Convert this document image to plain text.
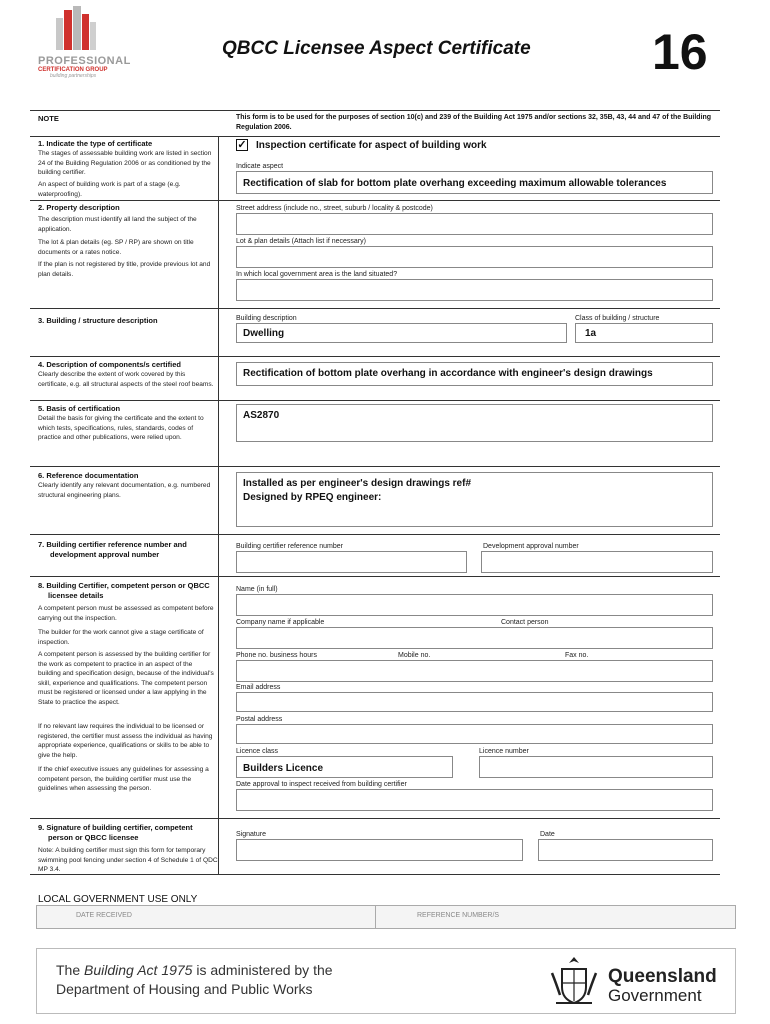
PROFESSIONAL
CERTIFICATION GROUP
building partnerships
QBCC Licensee Aspect Certificate 16
NOTE	This form is to be used for the purposes of section 10(c) and 239 of the Building Act 1975 and/or sections 32, 35B, 43, 44 and 47 of the Building Regulation 2006.
1. Indicate the type of certificate
The stages of assessable building work are listed in section 24 of the Building Regulation 2006 or as conditioned by the building certifier.
An aspect of building work is part of a stage (e.g. waterproofing).
✓ Inspection certificate for aspect of building work
Indicate aspect
Rectification of slab for bottom plate overhang exceeding maximum allowable tolerances
2. Property description
The description must identify all land the subject of the application.
The lot & plan details (eg. SP / RP) are shown on title documents or a rates notice.
If the plan is not registered by title, provide previous lot and plan details.
Street address (include no., street, suburb / locality & postcode)
Lot & plan details (Attach list if necessary)
In which local government area is the land situated?
3. Building / structure description	Building description
Dwelling
Class of building / structure
1a
4. Description of components/s certified
Clearly describe the extent of work covered by this certificate, e.g. all structural aspects of the steel roof beams.
Rectification of bottom plate overhang in accordance with engineer's design drawings
5. Basis of certification
Detail the basis for giving the certificate and the extent to which tests, specifications, rules, standards, codes of practice and other publications, were relied upon.
AS2870
6. Reference documentation
Clearly identify any relevant documentation, e.g. numbered structural engineering plans.
Installed as per engineer's design drawings ref#
Designed by RPEQ engineer:
7. Building certifier reference number and
development approval number
Building certifier reference number	Development approval number
8. Building Certifier, competent person or QBCC
licensee details
A competent person must be assessed as competent before carrying out the inspection.
The builder for the work cannot give a stage certificate of inspection.
A competent person is assessed by the building certifier for the work as competent to practice in an aspect of the building and specification design, because of the individual's skill, experience and qualifications. The competent person must be registered or licensed under a law applying in the State to practice the aspect.
If no relevant law requires the individual to be licensed or registered, the certifier must assess the individual as having appropriate experience, qualifications or skills to be able to give the help.
If the chief executive issues any guidelines for assessing a competent person, the building certifier must use the guidelines when assessing the person.
Name (in full)
Company name if applicable	Contact person
Phone no. business hours	Mobile no.	Fax no.
Email address
Postal address
Licence class
Builders Licence
Licence number
Date approval to inspect received from building certifier
9. Signature of building certifier, competent
person or QBCC licensee
Note: A building certifier must sign this form for temporary swimming pool fencing under section 4 of Schedule 1 of QDC MP 3.4.
Signature	Date
LOCAL GOVERNMENT USE ONLY
DATE RECEIVED	REFERENCE NUMBER/S
The Building Act 1975 is administered by the
Department of Housing and Public Works
Queensland
Government
